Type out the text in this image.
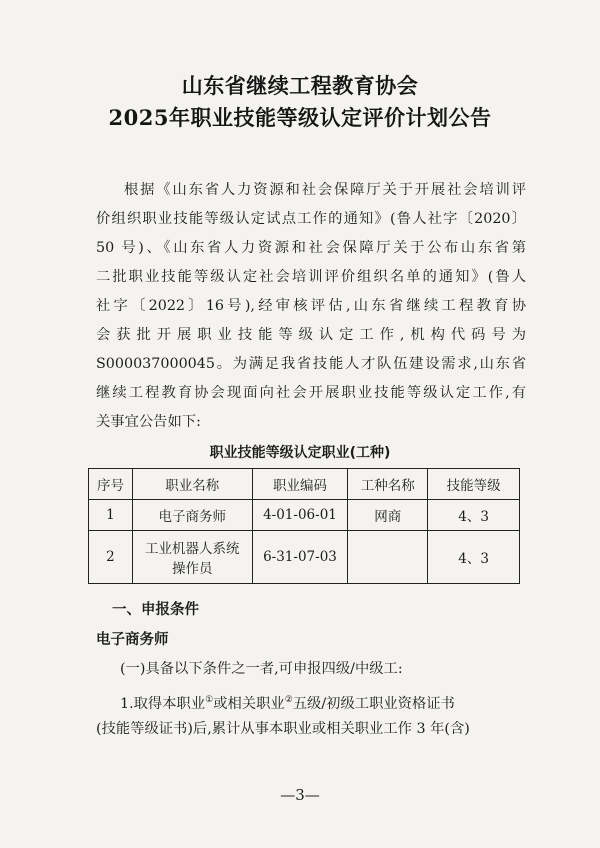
山东省继续工程教育协会
2025年职业技能等级认定评价计划公告
根据《山东省人力资源和社会保障厅关于开展社会培训评
价组织职业技能等级认定试点工作的通知》(鲁人社字〔2020〕
50 号)、《山东省人力资源和社会保障厅关于公布山东省第
二批职业技能等级认定社会培训评价组织名单的通知》(鲁人
社字〔2022〕16号),经审核评估,山东省继续工程教育协
会获批开展职业技能等级认定工作,机构代码号为
S000037000045。为满足我省技能人才队伍建设需求,山东省
继续工程教育协会现面向社会开展职业技能等级认定工作,有
关事宜公告如下:
职业技能等级认定职业(工种)
序号	职业名称	职业编码	工种名称	技能等级
1	电子商务师	4-01-06-01	网商	4、3
2	工业机器人系统
操作员	6-31-07-03		4、3
一、申报条件
电子商务师
(一)具备以下条件之一者,可申报四级/中级工:
1.取得本职业①或相关职业②五级/初级工职业资格证书
(技能等级证书)后,累计从事本职业或相关职业工作 3 年(含)
—3—
